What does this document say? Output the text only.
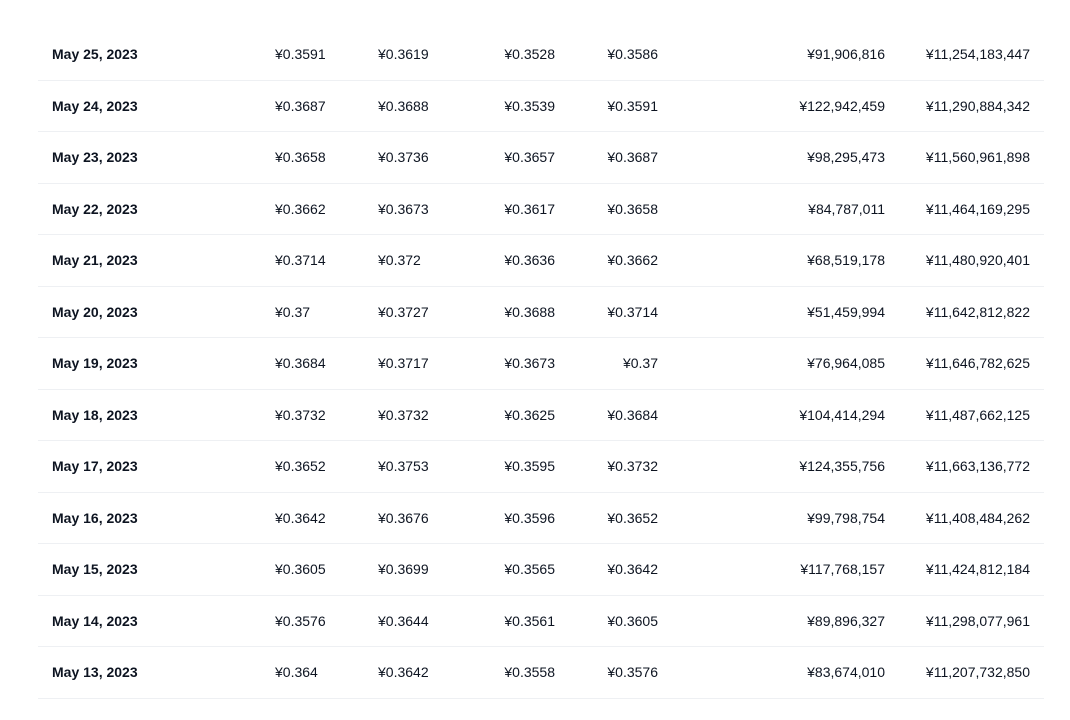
May 25, 2023	¥0.3591	¥0.3619	¥0.3528	¥0.3586	¥91,906,816	¥11,254,183,447
May 24, 2023	¥0.3687	¥0.3688	¥0.3539	¥0.3591	¥122,942,459	¥11,290,884,342
May 23, 2023	¥0.3658	¥0.3736	¥0.3657	¥0.3687	¥98,295,473	¥11,560,961,898
May 22, 2023	¥0.3662	¥0.3673	¥0.3617	¥0.3658	¥84,787,011	¥11,464,169,295
May 21, 2023	¥0.3714	¥0.372	¥0.3636	¥0.3662	¥68,519,178	¥11,480,920,401
May 20, 2023	¥0.37	¥0.3727	¥0.3688	¥0.3714	¥51,459,994	¥11,642,812,822
May 19, 2023	¥0.3684	¥0.3717	¥0.3673	¥0.37	¥76,964,085	¥11,646,782,625
May 18, 2023	¥0.3732	¥0.3732	¥0.3625	¥0.3684	¥104,414,294	¥11,487,662,125
May 17, 2023	¥0.3652	¥0.3753	¥0.3595	¥0.3732	¥124,355,756	¥11,663,136,772
May 16, 2023	¥0.3642	¥0.3676	¥0.3596	¥0.3652	¥99,798,754	¥11,408,484,262
May 15, 2023	¥0.3605	¥0.3699	¥0.3565	¥0.3642	¥117,768,157	¥11,424,812,184
May 14, 2023	¥0.3576	¥0.3644	¥0.3561	¥0.3605	¥89,896,327	¥11,298,077,961
May 13, 2023	¥0.364	¥0.3642	¥0.3558	¥0.3576	¥83,674,010	¥11,207,732,850
